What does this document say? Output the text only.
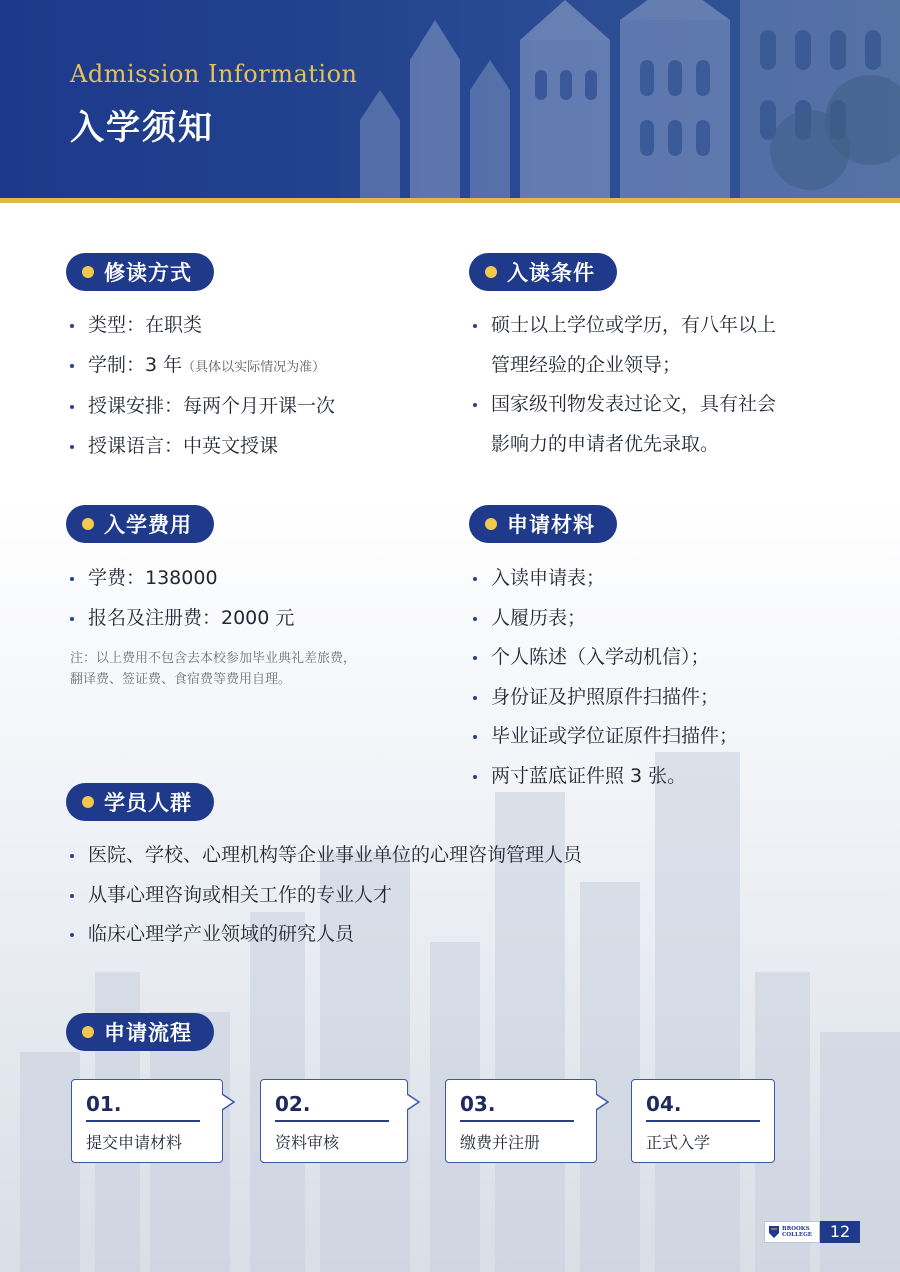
Admission Information
入学须知
修读方式
类型：在职类
学制：3 年（具体以实际情况为准）
授课安排：每两个月开课一次
授课语言：中英文授课
入读条件
硕士以上学位或学历，有八年以上
管理经验的企业领导；
国家级刊物发表过论文，具有社会
影响力的申请者优先录取。
入学费用
学费：138000
报名及注册费：2000 元
注：以上费用不包含去本校参加毕业典礼差旅费，
翻译费、签证费、食宿费等费用自理。
申请材料
入读申请表；
人履历表；
个人陈述（入学动机信）；
身份证及护照原件扫描件；
毕业证或学位证原件扫描件；
两寸蓝底证件照 3 张。
学员人群
医院、学校、心理机构等企业事业单位的心理咨询管理人员
从事心理咨询或相关工作的专业人才
临床心理学产业领域的研究人员
申请流程
01.
提交申请材料
02.
资料审核
03.
缴费并注册
04.
正式入学
BROOKS
COLLEGE	12
